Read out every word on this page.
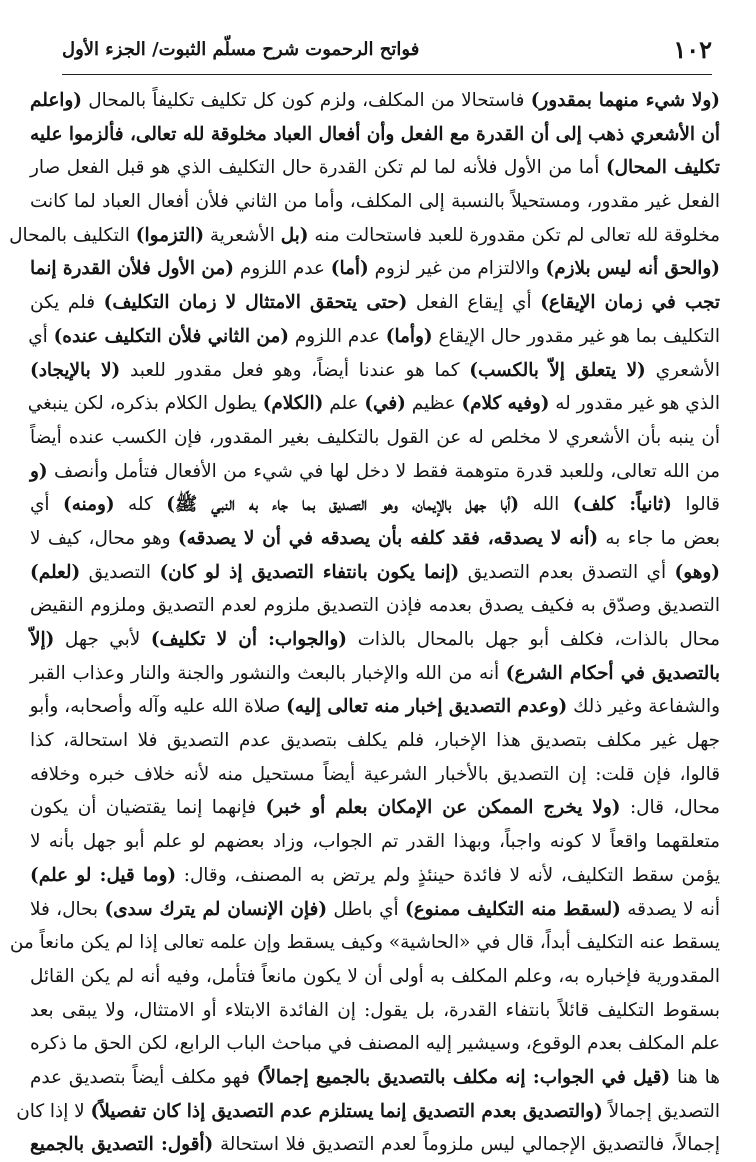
١٠٢
فواتح الرحموت شرح مسلّم الثبوت/ الجزء الأول
(ولا شيء منهما بمقدور) فاستحالا من المكلف، ولزم كون كل تكليف تكليفاً بالمحال (واعلم
أن الأشعري ذهب إلى أن القدرة مع الفعل وأن أفعال العباد مخلوقة لله تعالى، فألزموا عليه
تكليف المحال) أما من الأول فلأنه لما لم تكن القدرة حال التكليف الذي هو قبل الفعل صار
الفعل غير مقدور، ومستحيلاً بالنسبة إلى المكلف، وأما من الثاني فلأن أفعال العباد لما كانت
مخلوقة لله تعالى لم تكن مقدورة للعبد فاستحالت منه (بل الأشعرية (التزموا) التكليف بالمحال
(والحق أنه ليس بلازم) والالتزام من غير لزوم (أما) عدم اللزوم (من الأول فلأن القدرة إنما
تجب في زمان الإيقاع) أي إيقاع الفعل (حتى يتحقق الامتثال لا زمان التكليف) فلم يكن
التكليف بما هو غير مقدور حال الإيقاع (وأما) عدم اللزوم (من الثاني فلأن التكليف عنده) أي
الأشعري (لا يتعلق إلاّ بالكسب) كما هو عندنا أيضاً، وهو فعل مقدور للعبد (لا بالإيجاد)
الذي هو غير مقدور له (وفيه كلام) عظيم (في) علم (الكلام) يطول الكلام بذكره، لكن ينبغي
أن ينبه بأن الأشعري لا مخلص له عن القول بالتكليف بغير المقدور، فإن الكسب عنده أيضاً
من الله تعالى، وللعبد قدرة متوهمة فقط لا دخل لها في شيء من الأفعال فتأمل وأنصف (و
قالوا (ثانياً: كلف) الله (أبا جهل بالإيمان، وهو التصديق بما جاء به النبي ﷺ) كله (ومنه) أي
بعض ما جاء به (أنه لا يصدقه، فقد كلفه بأن يصدقه في أن لا يصدقه) وهو محال، كيف لا
(وهو) أي التصدق بعدم التصديق (إنما يكون بانتفاء التصديق إذ لو كان) التصديق (لعلم)
التصديق وصدّق به فكيف يصدق بعدمه فإذن التصديق ملزوم لعدم التصديق وملزوم النقيض
محال بالذات، فكلف أبو جهل بالمحال بالذات (والجواب: أن لا تكليف) لأبي جهل (إلاّ
بالتصديق في أحكام الشرع) أنه من الله والإخبار بالبعث والنشور والجنة والنار وعذاب القبر
والشفاعة وغير ذلك (وعدم التصديق إخبار منه تعالى إليه) صلاة الله عليه وآله وأصحابه، وأبو
جهل غير مكلف بتصديق هذا الإخبار، فلم يكلف بتصديق عدم التصديق فلا استحالة، كذا
قالوا، فإن قلت: إن التصديق بالأخبار الشرعية أيضاً مستحيل منه لأنه خلاف خبره وخلافه
محال، قال: (ولا يخرج الممكن عن الإمكان بعلم أو خبر) فإنهما إنما يقتضيان أن يكون
متعلقهما واقعاً لا كونه واجباً، وبهذا القدر تم الجواب، وزاد بعضهم لو علم أبو جهل بأنه لا
يؤمن سقط التكليف، لأنه لا فائدة حينئذٍ ولم يرتض به المصنف، وقال: (وما قيل: لو علم)
أنه لا يصدقه (لسقط منه التكليف ممنوع) أي باطل (فإن الإنسان لم يترك سدى) بحال، فلا
يسقط عنه التكليف أبداً، قال في «الحاشية» وكيف يسقط وإن علمه تعالى إذا لم يكن مانعاً من
المقدورية فإخباره به، وعلم المكلف به أولى أن لا يكون مانعاً فتأمل، وفيه أنه لم يكن القائل
بسقوط التكليف قائلاً بانتفاء القدرة، بل يقول: إن الفائدة الابتلاء أو الامتثال، ولا يبقى بعد
علم المكلف بعدم الوقوع، وسيشير إليه المصنف في مباحث الباب الرابع، لكن الحق ما ذكره
ها هنا (قيل في الجواب: إنه مكلف بالتصديق بالجميع إجمالاً) فهو مكلف أيضاً بتصديق عدم
التصديق إجمالاً (والتصديق بعدم التصديق إنما يستلزم عدم التصديق إذا كان تفصيلاً) لا إذا كان
إجمالاً، فالتصديق الإجمالي ليس ملزوماً لعدم التصديق فلا استحالة (أقول: التصديق بالجميع
